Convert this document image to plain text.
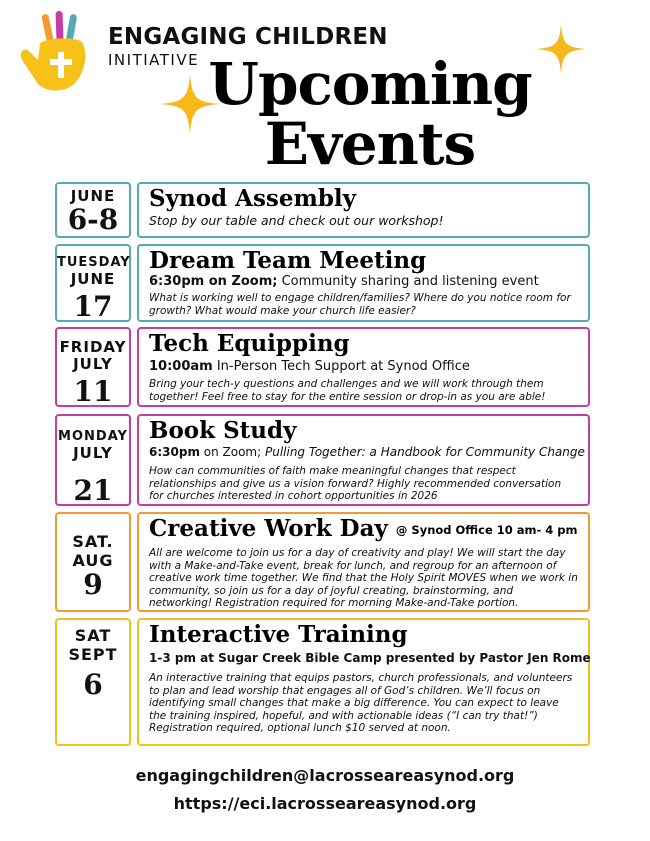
ENGAGING CHILDREN
INITIATIVE Upcoming
Events
JUNE
6-8
Synod Assembly
Stop by our table and check out our workshop!
TUESDAY
JUNE
17
Dream Team Meeting
6:30pm on Zoom; Community sharing and listening event
What is working well to engage children/families? Where do you notice room for growth? What would make your church life easier?
FRIDAY
JULY
11
Tech Equipping
10:00am In-Person Tech Support at Synod Office
Bring your tech-y questions and challenges and we will work through them together! Feel free to stay for the entire session or drop-in as you are able!
MONDAY
JULY
21
Book Study
6:30pm on Zoom; Pulling Together: a Handbook for Community Change
How can communities of faith make meaningful changes that respect relationships and give us a vision forward? Highly recommended conversation for churches interested in cohort opportunities in 2026
SAT.
AUG
9
Creative Work Day @ Synod Office 10 am- 4 pm
All are welcome to join us for a day of creativity and play! We will start the day with a Make-and-Take event, break for lunch, and regroup for an afternoon of creative work time together. We find that the Holy Spirit MOVES when we work in community, so join us for a day of joyful creating, brainstorming, and networking! Registration required for morning Make-and-Take portion.
SAT
SEPT
6
Interactive Training
1-3 pm at Sugar Creek Bible Camp presented by Pastor Jen Rome
An interactive training that equips pastors, church professionals, and volunteers to plan and lead worship that engages all of God’s children. We’ll focus on identifying small changes that make a big difference. You can expect to leave the training inspired, hopeful, and with actionable ideas (“I can try that!”) Registration required, optional lunch $10 served at noon.
engagingchildren@lacrosseareasynod.org
https://eci.lacrosseareasynod.org
